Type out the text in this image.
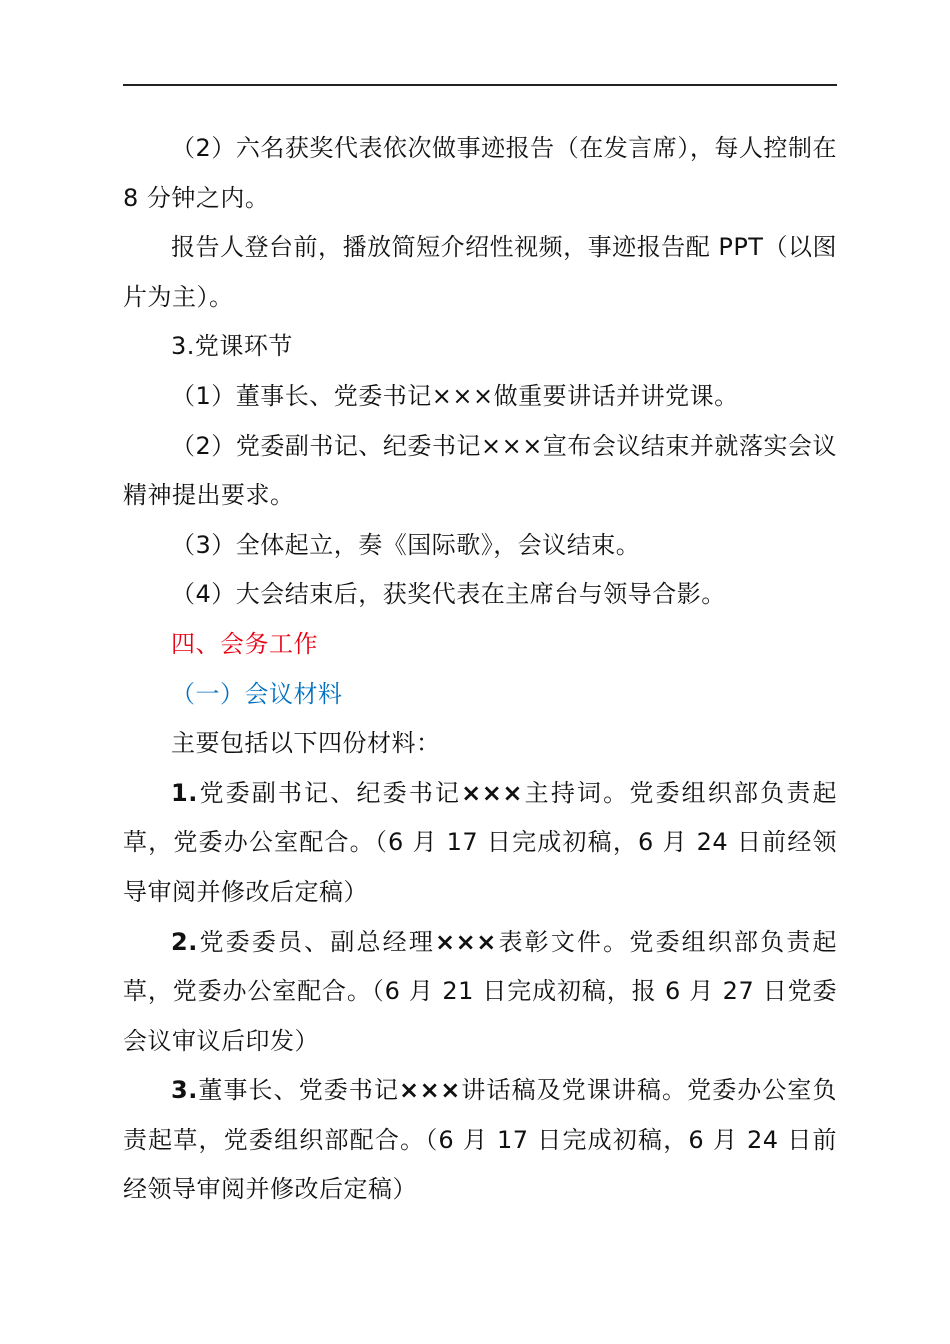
（2）六名获奖代表依次做事迹报告（在发言席），每人控制在 8 分钟之内。

报告人登台前，播放简短介绍性视频，事迹报告配 PPT（以图片为主）。

3.党课环节

（1）董事长、党委书记×××做重要讲话并讲党课。

（2）党委副书记、纪委书记×××宣布会议结束并就落实会议精神提出要求。

（3）全体起立，奏《国际歌》，会议结束。

（4）大会结束后，获奖代表在主席台与领导合影。

四、会务工作

（一）会议材料

主要包括以下四份材料：

1.党委副书记、纪委书记×××主持词。党委组织部负责起草，党委办公室配合。（6 月 17 日完成初稿，6 月 24 日前经领导审阅并修改后定稿）

2.党委委员、副总经理×××表彰文件。党委组织部负责起草，党委办公室配合。（6 月 21 日完成初稿，报 6 月 27 日党委会议审议后印发）

3.董事长、党委书记×××讲话稿及党课讲稿。党委办公室负责起草，党委组织部配合。（6 月 17 日完成初稿，6 月 24 日前经领导审阅并修改后定稿）
